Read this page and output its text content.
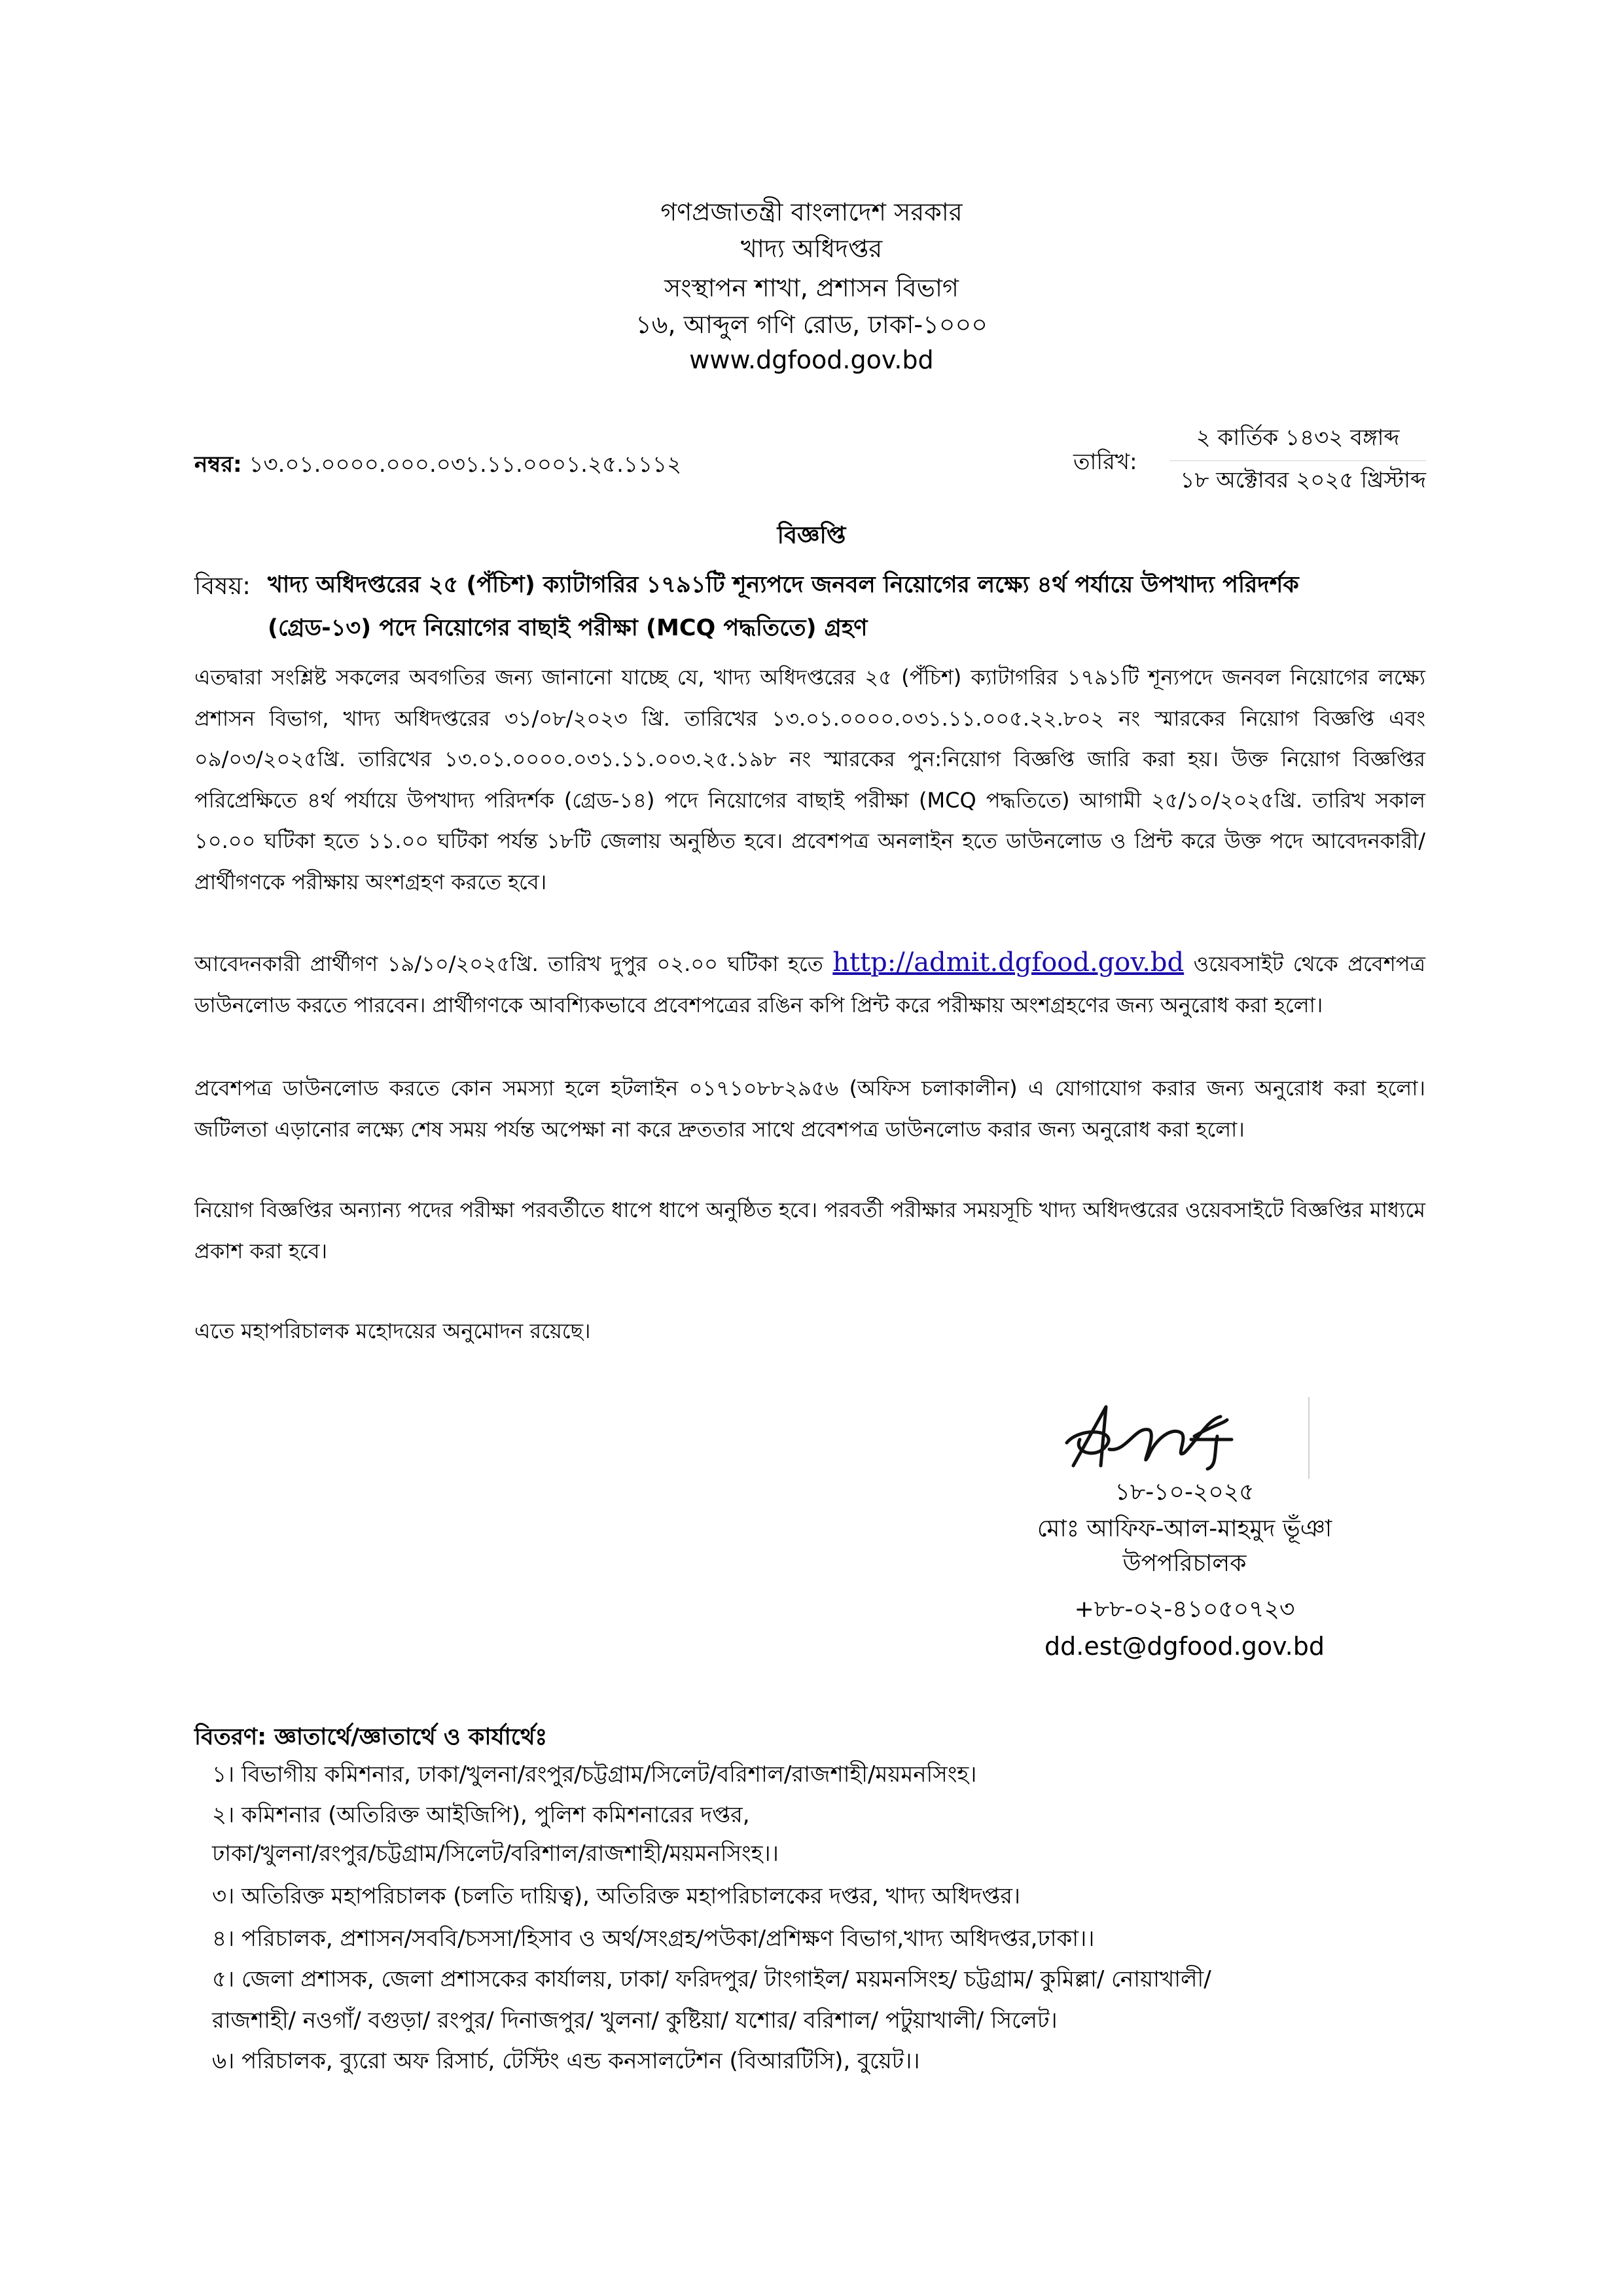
গণপ্রজাতন্ত্রী বাংলাদেশ সরকার
খাদ্য অধিদপ্তর
সংস্থাপন শাখা, প্রশাসন বিভাগ
১৬, আব্দুল গণি রোড, ঢাকা-১০০০
www.dgfood.gov.bd
নম্বর: ১৩.০১.০০০০.০০০.০৩১.১১.০০০১.২৫.১১১২	তারিখ:
২ কার্তিক ১৪৩২ বঙ্গাব্দ
১৮ অক্টোবর ২০২৫ খ্রিস্টাব্দ
বিজ্ঞপ্তি
বিষয়: খাদ্য অধিদপ্তরের ২৫ (পঁচিশ) ক্যাটাগরির ১৭৯১টি শূন্যপদে জনবল নিয়োগের লক্ষ্যে ৪র্থ পর্যায়ে উপখাদ্য পরিদর্শক
(গ্রেড-১৩) পদে নিয়োগের বাছাই পরীক্ষা (MCQ পদ্ধতিতে) গ্রহণ
এতদ্বারা সংশ্লিষ্ট সকলের অবগতির জন্য জানানো যাচ্ছে যে, খাদ্য অধিদপ্তরের ২৫ (পঁচিশ) ক্যাটাগরির ১৭৯১টি শূন্যপদে জনবল নিয়োগের লক্ষ্যে প্রশাসন বিভাগ, খাদ্য অধিদপ্তরের ৩১/০৮/২০২৩ খ্রি. তারিখের ১৩.০১.০০০০.০৩১.১১.০০৫.২২.৮০২ নং স্মারকের নিয়োগ বিজ্ঞপ্তি এবং ০৯/০৩/২০২৫খ্রি. তারিখের ১৩.০১.০০০০.০৩১.১১.০০৩.২৫.১৯৮ নং স্মারকের পুন:নিয়োগ বিজ্ঞপ্তি জারি করা হয়। উক্ত নিয়োগ বিজ্ঞপ্তির পরিপ্রেক্ষিতে ৪র্থ পর্যায়ে উপখাদ্য পরিদর্শক (গ্রেড-১৪) পদে নিয়োগের বাছাই পরীক্ষা (MCQ পদ্ধতিতে) আগামী ২৫/১০/২০২৫খ্রি. তারিখ সকাল ১০.০০ ঘটিকা হতে ১১.০০ ঘটিকা পর্যন্ত ১৮টি জেলায় অনুষ্ঠিত হবে। প্রবেশপত্র অনলাইন হতে ডাউনলোড ও প্রিন্ট করে উক্ত পদে আবেদনকারী/প্রার্থীগণকে পরীক্ষায় অংশগ্রহণ করতে হবে।
আবেদনকারী প্রার্থীগণ ১৯/১০/২০২৫খ্রি. তারিখ দুপুর ০২.০০ ঘটিকা হতে http://admit.dgfood.gov.bd ওয়েবসাইট থেকে প্রবেশপত্র ডাউনলোড করতে পারবেন। প্রার্থীগণকে আবশ্যিকভাবে প্রবেশপত্রের রঙিন কপি প্রিন্ট করে পরীক্ষায় অংশগ্রহণের জন্য অনুরোধ করা হলো।
প্রবেশপত্র ডাউনলোড করতে কোন সমস্যা হলে হটলাইন ০১৭১০৮৮২৯৫৬ (অফিস চলাকালীন) এ যোগাযোগ করার জন্য অনুরোধ করা হলো। জটিলতা এড়ানোর লক্ষ্যে শেষ সময় পর্যন্ত অপেক্ষা না করে দ্রুততার সাথে প্রবেশপত্র ডাউনলোড করার জন্য অনুরোধ করা হলো।
নিয়োগ বিজ্ঞপ্তির অন্যান্য পদের পরীক্ষা পরবর্তীতে ধাপে ধাপে অনুষ্ঠিত হবে। পরবর্তী পরীক্ষার সময়সূচি খাদ্য অধিদপ্তরের ওয়েবসাইটে বিজ্ঞপ্তির মাধ্যমে প্রকাশ করা হবে।
এতে মহাপরিচালক মহোদয়ের অনুমোদন রয়েছে।
১৮-১০-২০২৫
মোঃ আফিফ-আল-মাহমুদ ভূঁঞা
উপপরিচালক
+৮৮-০২-৪১০৫০৭২৩
dd.est@dgfood.gov.bd
বিতরণ: জ্ঞাতার্থে/জ্ঞাতার্থে ও কার্যার্থেঃ
১। বিভাগীয় কমিশনার, ঢাকা/খুলনা/রংপুর/চট্টগ্রাম/সিলেট/বরিশাল/রাজশাহী/ময়মনসিংহ।
২। কমিশনার (অতিরিক্ত আইজিপি), পুলিশ কমিশনারের দপ্তর,
ঢাকা/খুলনা/রংপুর/চট্টগ্রাম/সিলেট/বরিশাল/রাজশাহী/ময়মনসিংহ।।
৩। অতিরিক্ত মহাপরিচালক (চলতি দায়িত্ব), অতিরিক্ত মহাপরিচালকের দপ্তর, খাদ্য অধিদপ্তর।
৪। পরিচালক, প্রশাসন/সববি/চসসা/হিসাব ও অর্থ/সংগ্রহ/পউকা/প্রশিক্ষণ বিভাগ,খাদ্য অধিদপ্তর,ঢাকা।।
৫। জেলা প্রশাসক, জেলা প্রশাসকের কার্যালয়, ঢাকা/ ফরিদপুর/ টাংগাইল/ ময়মনসিংহ/ চট্টগ্রাম/ কুমিল্লা/ নোয়াখালী/
রাজশাহী/ নওগাঁ/ বগুড়া/ রংপুর/ দিনাজপুর/ খুলনা/ কুষ্টিয়া/ যশোর/ বরিশাল/ পটুয়াখালী/ সিলেট।
৬। পরিচালক, ব্যুরো অফ রিসার্চ, টেস্টিং এন্ড কনসালটেশন (বিআরটিসি), বুয়েট।।
